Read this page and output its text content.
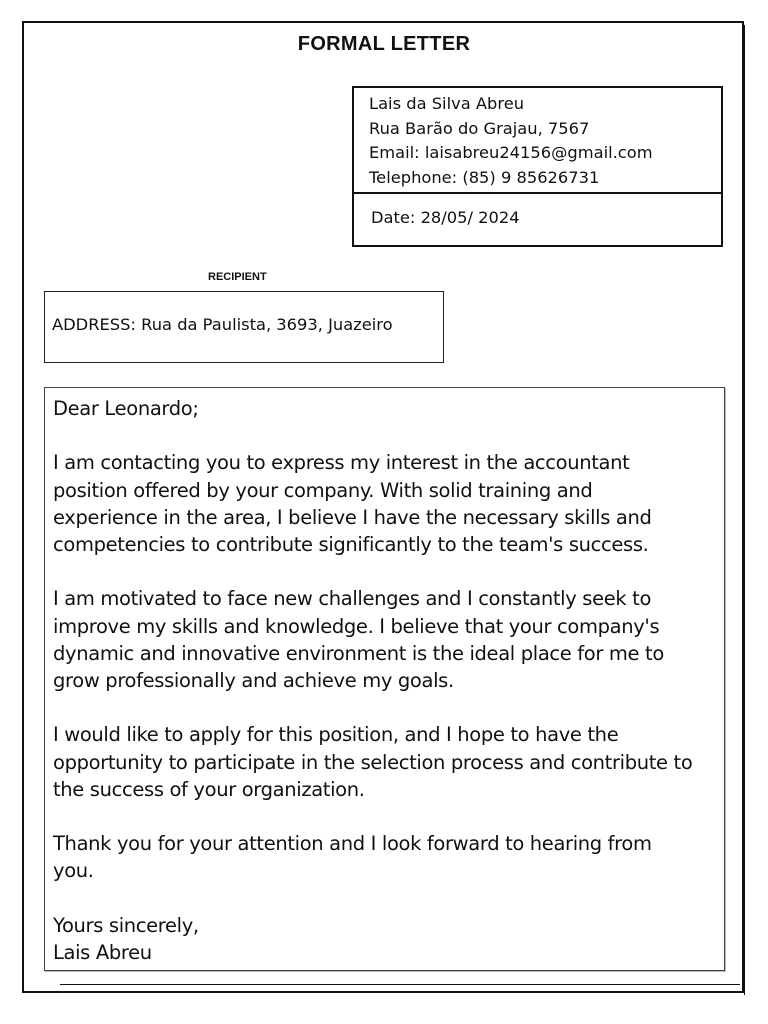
FORMAL LETTER
Lais da Silva Abreu
Rua Barão do Grajau, 7567
Email: laisabreu24156@gmail.com
Telephone: (85) 9 85626731
Date: 28/05/ 2024
RECIPIENT
ADDRESS: Rua da Paulista, 3693, Juazeiro
Dear Leonardo;

I am contacting you to express my interest in the accountant
position offered by your company. With solid training and
experience in the area, I believe I have the necessary skills and
competencies to contribute significantly to the team's success.

I am motivated to face new challenges and I constantly seek to
improve my skills and knowledge. I believe that your company's
dynamic and innovative environment is the ideal place for me to
grow professionally and achieve my goals.

I would like to apply for this position, and I hope to have the
opportunity to participate in the selection process and contribute to
the success of your organization.

Thank you for your attention and I look forward to hearing from
you.

Yours sincerely,
Lais Abreu
